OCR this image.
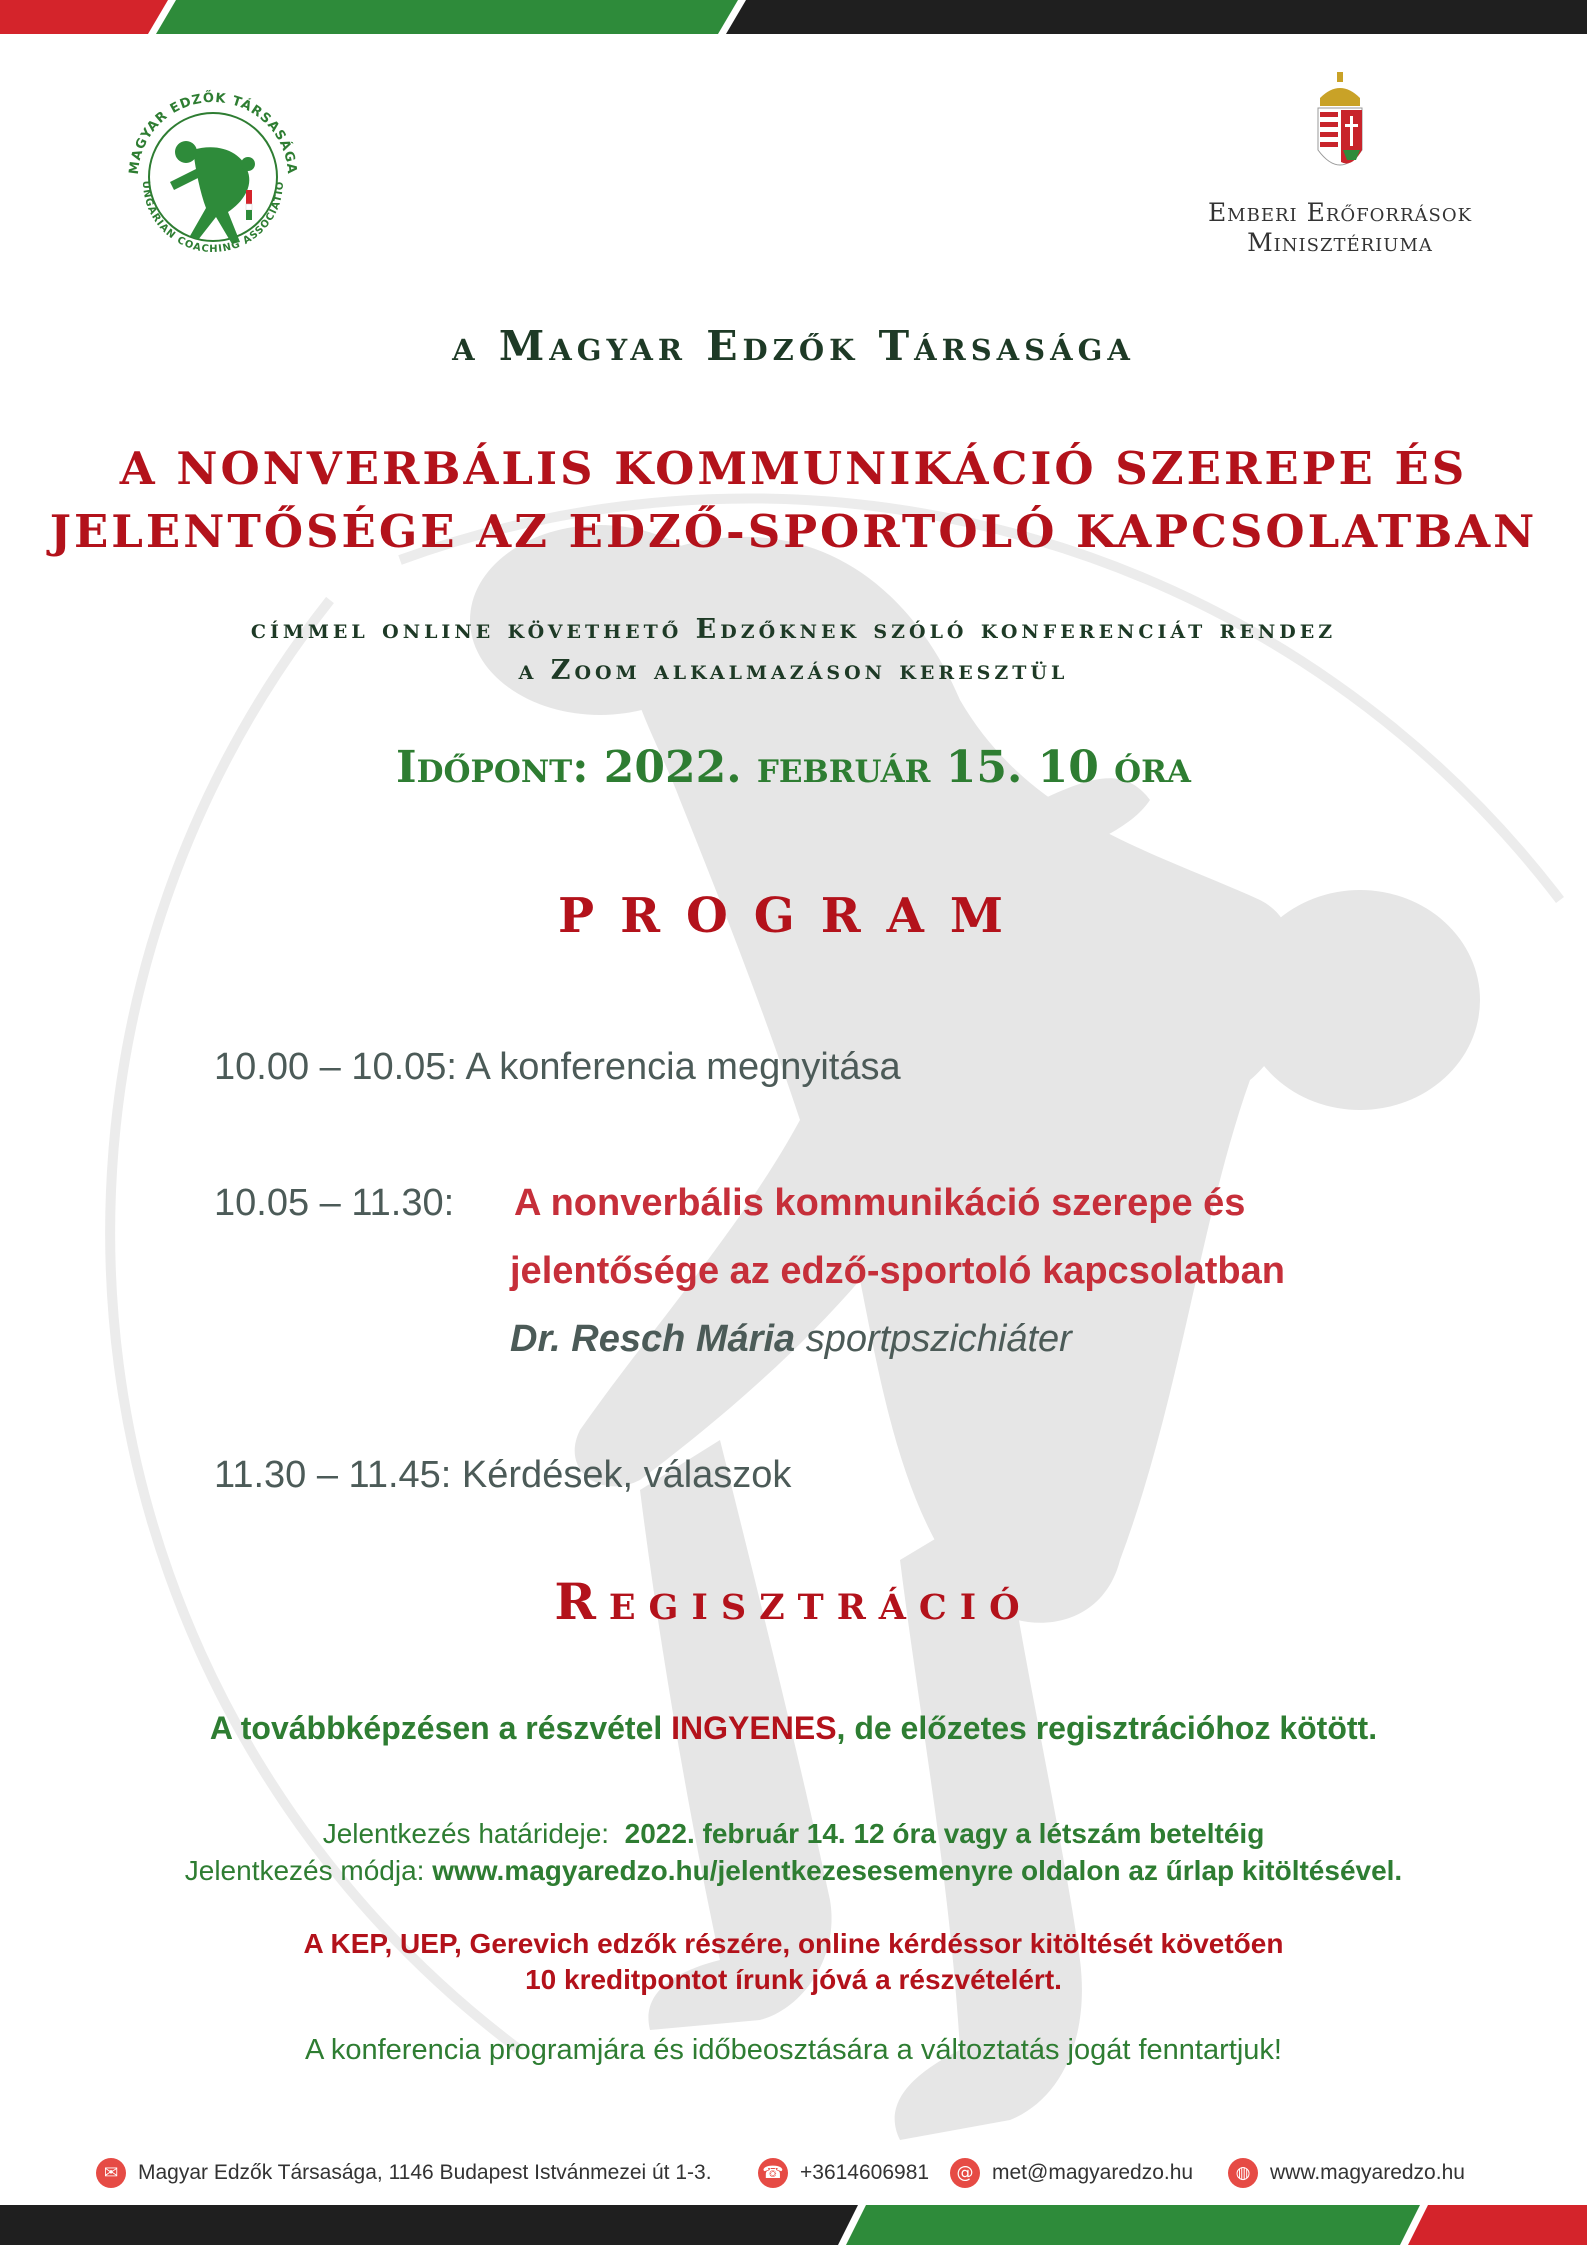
MAGYAR EDZŐK TÁRSASÁGA
UNGARIAN COACHING ASSOCIATIO
Emberi Erőforrások
Minisztériuma
a Magyar Edzők Társasága
A NONVERBÁLIS KOMMUNIKÁCIÓ SZEREPE ÉS
JELENTŐSÉGE AZ EDZŐ-SPORTOLÓ KAPCSOLATBAN
címmel online követhető Edzőknek szóló konferenciát rendez
a Zoom alkalmazáson keresztül
Időpont: 2022. február 15. 10 óra
PROGRAM
10.00 – 10.05: A konferencia megnyitása
10.05 – 11.30: A nonverbális kommunikáció szerepe és
jelentősége az edző-sportoló kapcsolatban
Dr. Resch Mária sportpszichiáter
11.30 – 11.45: Kérdések, válaszok
Regisztráció
A továbbképzésen a részvétel INGYENES, de előzetes regisztrációhoz kötött.
Jelentkezés határideje: 2022. február 14. 12 óra vagy a létszám beteltéig
Jelentkezés módja: www.magyaredzo.hu/jelentkezesesemenyre oldalon az űrlap kitöltésével.
A KEP, UEP, Gerevich edzők részére, online kérdéssor kitöltését követően
10 kreditpontot írunk jóvá a részvételért.
A konferencia programjára és időbeosztására a változtatás jogát fenntartjuk!
✉ Magyar Edzők Társasága, 1146 Budapest Istvánmezei út 1-3.	☎ +3614606981	@ met@magyaredzo.hu	◍ www.magyaredzo.hu
